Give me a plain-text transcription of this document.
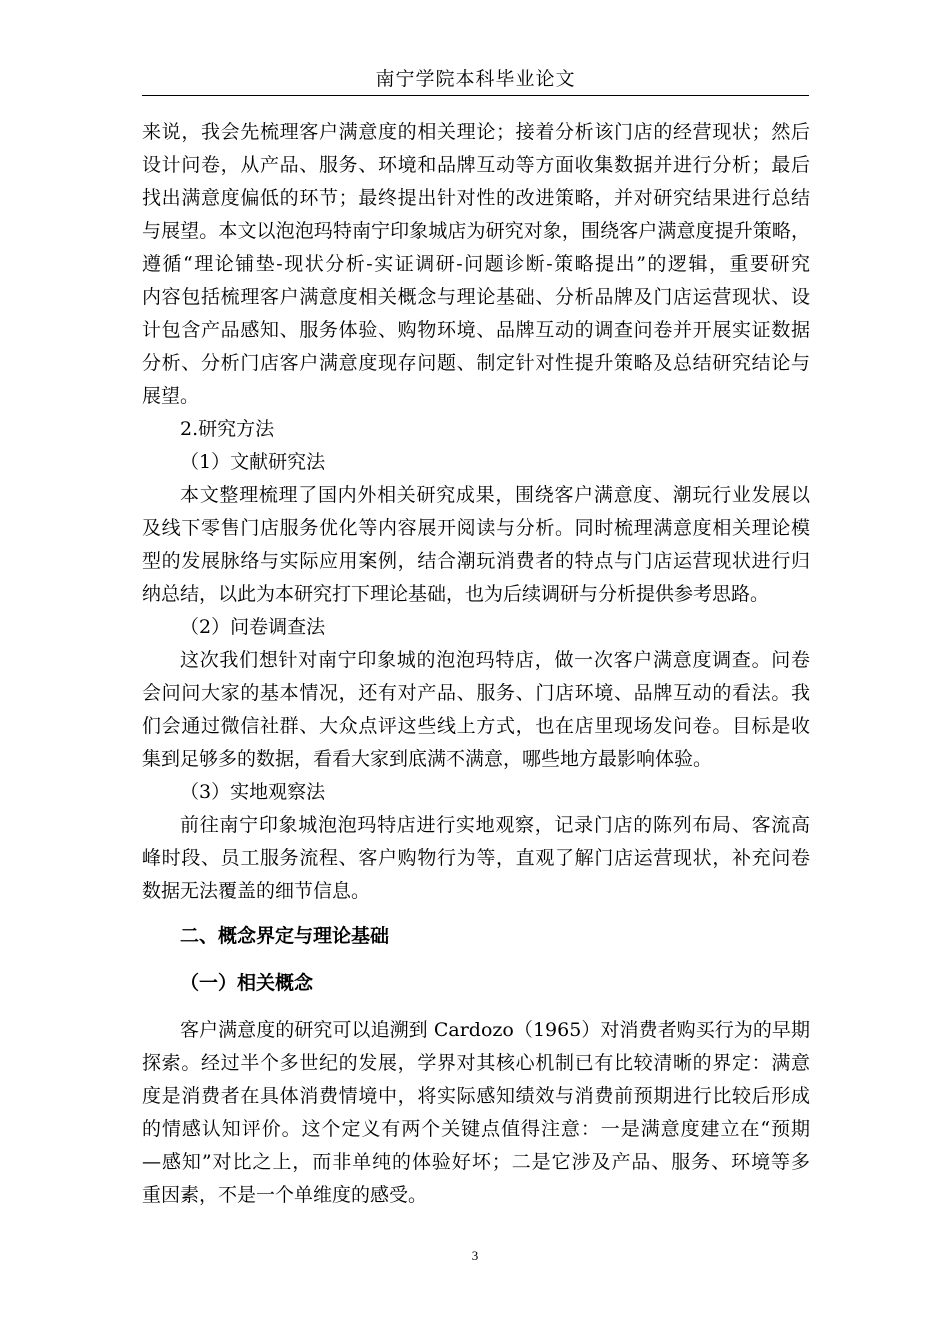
南宁学院本科毕业论文
来说，我会先梳理客户满意度的相关理论；接着分析该门店的经营现状；然后
设计问卷，从产品、服务、环境和品牌互动等方面收集数据并进行分析；最后
找出满意度偏低的环节；最终提出针对性的改进策略，并对研究结果进行总结
与展望。本文以泡泡玛特南宁印象城店为研究对象，围绕客户满意度提升策略，
遵循“理论铺垫-现状分析-实证调研-问题诊断-策略提出”的逻辑，重要研究
内容包括梳理客户满意度相关概念与理论基础、分析品牌及门店运营现状、设
计包含产品感知、服务体验、购物环境、品牌互动的调查问卷并开展实证数据
分析、分析门店客户满意度现存问题、制定针对性提升策略及总结研究结论与
展望。
2.研究方法
（1）文献研究法
本文整理梳理了国内外相关研究成果，围绕客户满意度、潮玩行业发展以
及线下零售门店服务优化等内容展开阅读与分析。同时梳理满意度相关理论模
型的发展脉络与实际应用案例，结合潮玩消费者的特点与门店运营现状进行归
纳总结，以此为本研究打下理论基础，也为后续调研与分析提供参考思路。
（2）问卷调查法
这次我们想针对南宁印象城的泡泡玛特店，做一次客户满意度调查。问卷
会问问大家的基本情况，还有对产品、服务、门店环境、品牌互动的看法。我
们会通过微信社群、大众点评这些线上方式，也在店里现场发问卷。目标是收
集到足够多的数据，看看大家到底满不满意，哪些地方最影响体验。
（3）实地观察法
前往南宁印象城泡泡玛特店进行实地观察，记录门店的陈列布局、客流高
峰时段、员工服务流程、客户购物行为等，直观了解门店运营现状，补充问卷
数据无法覆盖的细节信息。
二、概念界定与理论基础
（一）相关概念
客户满意度的研究可以追溯到 Cardozo（1965）对消费者购买行为的早期
探索。经过半个多世纪的发展，学界对其核心机制已有比较清晰的界定：满意
度是消费者在具体消费情境中，将实际感知绩效与消费前预期进行比较后形成
的情感认知评价。这个定义有两个关键点值得注意：一是满意度建立在“预期
—感知”对比之上，而非单纯的体验好坏；二是它涉及产品、服务、环境等多
重因素，不是一个单维度的感受。
3
